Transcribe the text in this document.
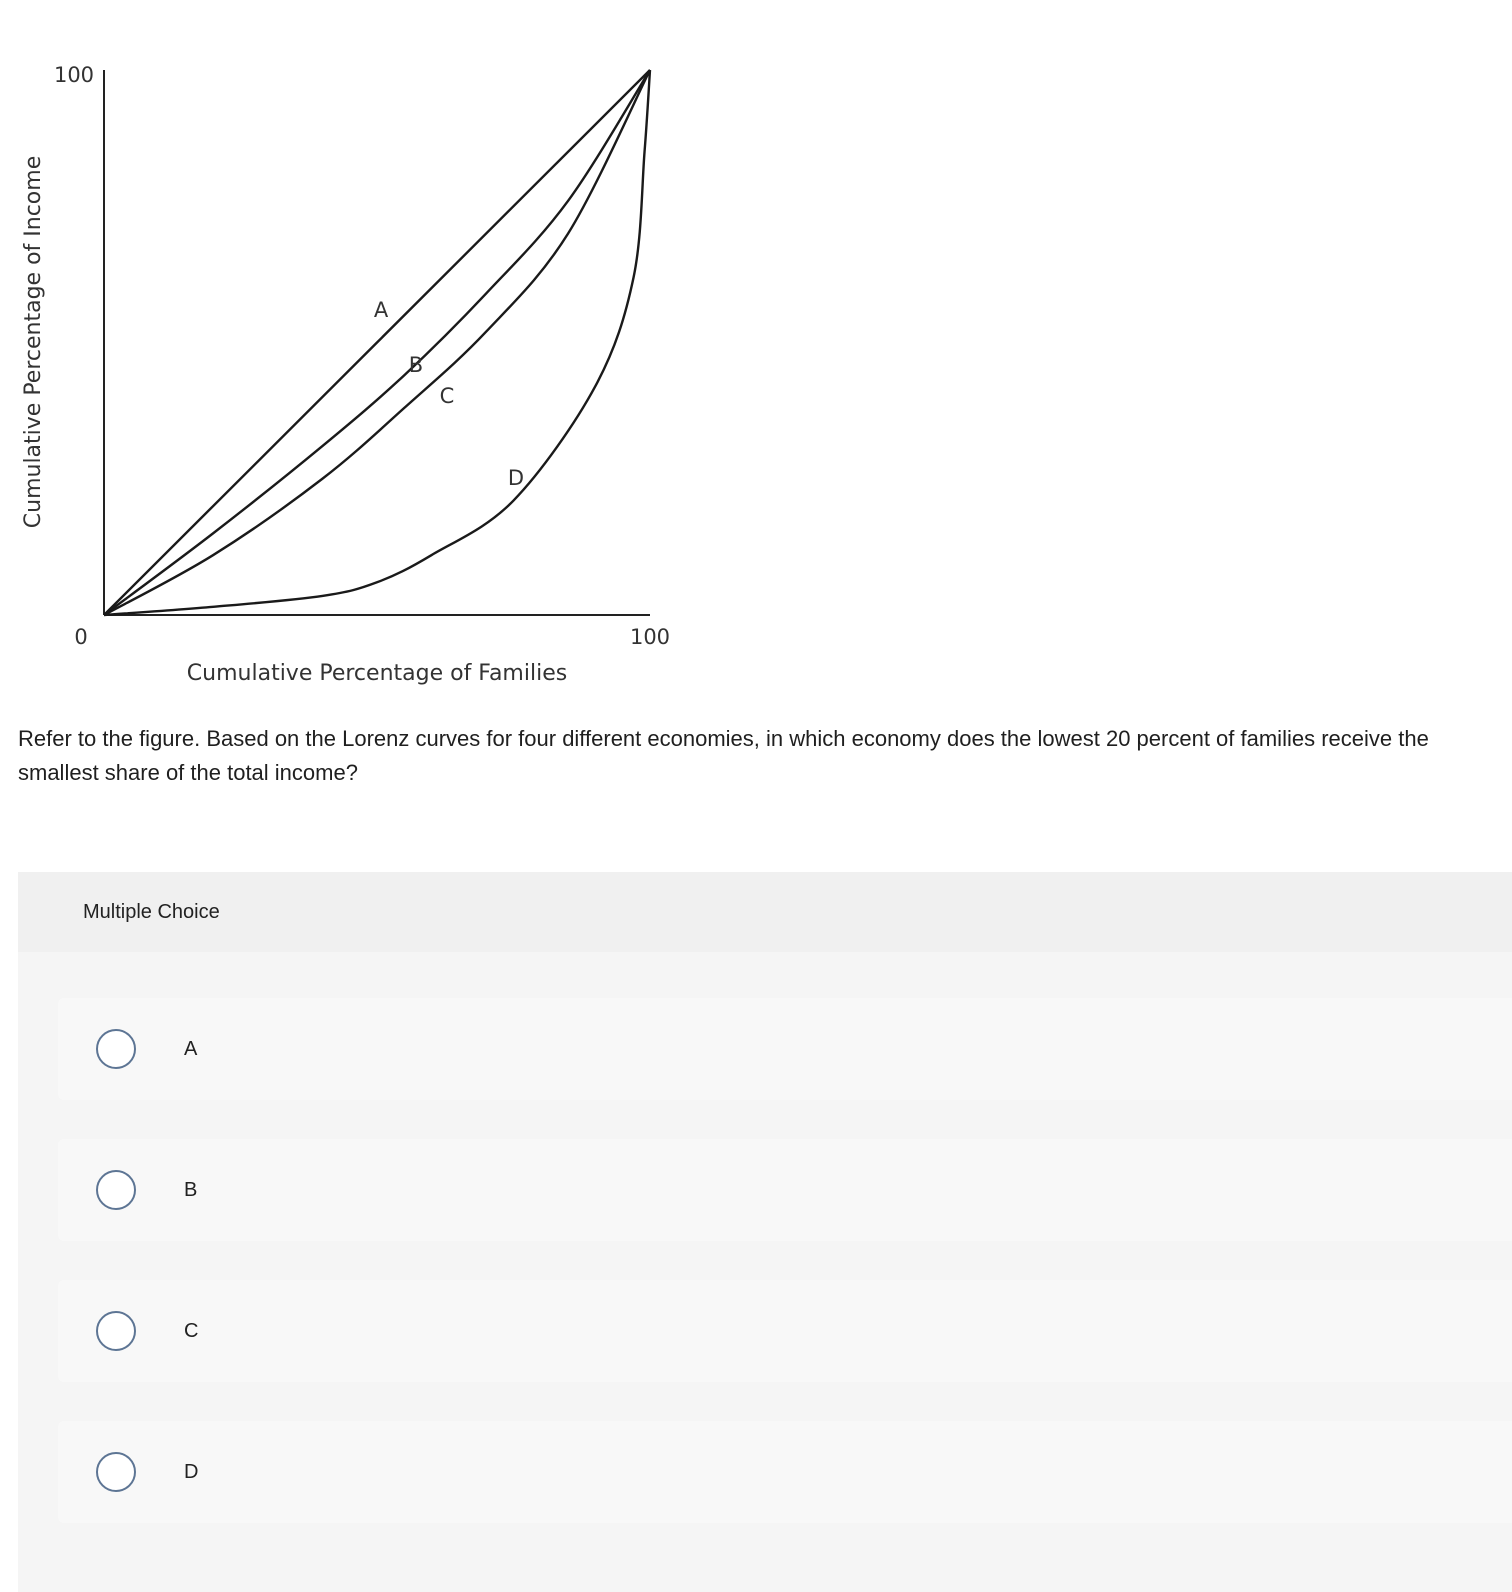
100
0	100
Cumulative Percentage of Families
Cumulative Percentage of Income	A
B
C
D
Refer to the figure. Based on the Lorenz curves for four different economies, in which economy does the lowest 20 percent of families receive the smallest share of the total income?
Multiple Choice
A
B
C
D
